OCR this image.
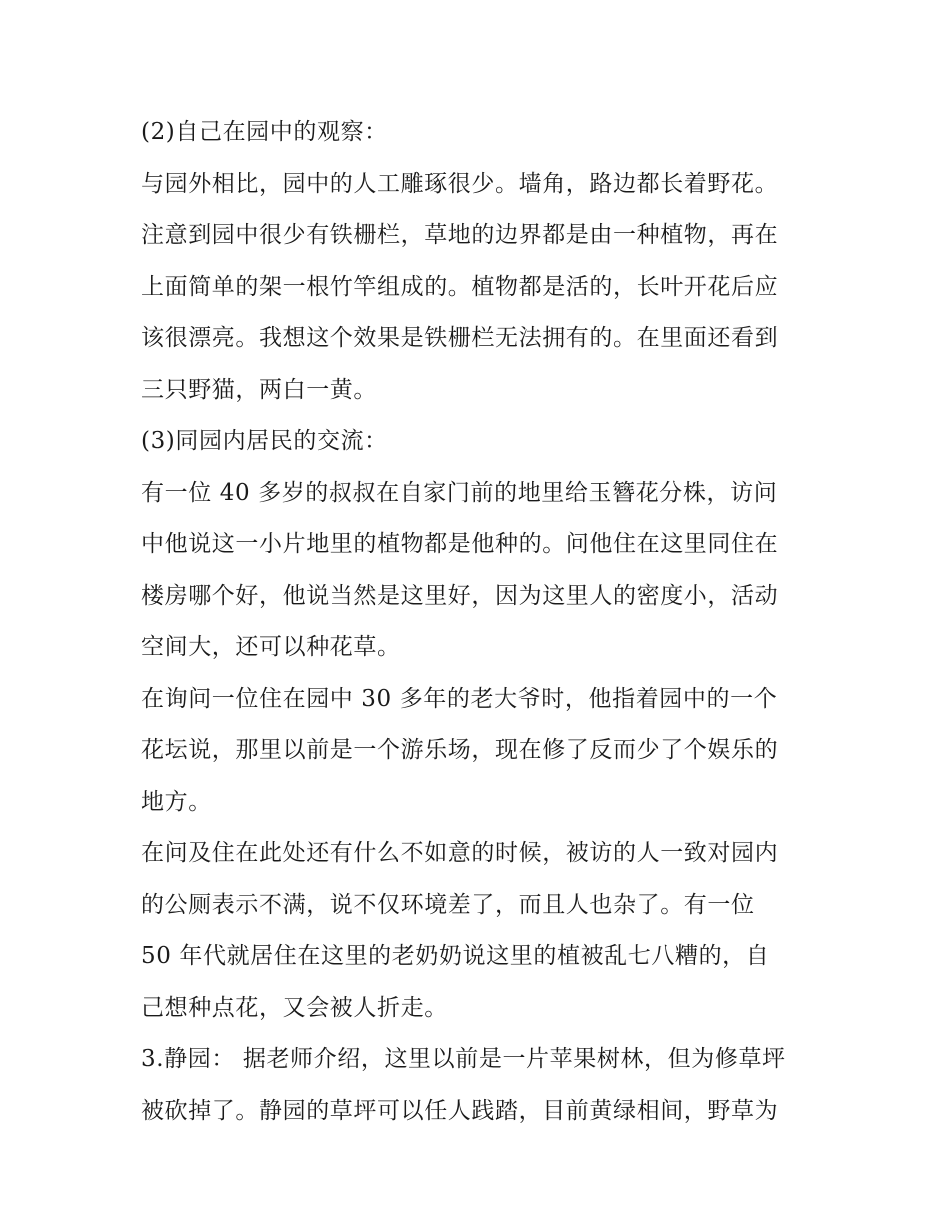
(2)自己在园中的观察：
与园外相比，园中的人工雕琢很少。墙角，路边都长着野花。
注意到园中很少有铁栅栏，草地的边界都是由一种植物，再在
上面简单的架一根竹竿组成的。植物都是活的，长叶开花后应
该很漂亮。我想这个效果是铁栅栏无法拥有的。在里面还看到
三只野猫，两白一黄。
(3)同园内居民的交流：
有一位 40 多岁的叔叔在自家门前的地里给玉簪花分株，访问
中他说这一小片地里的植物都是他种的。问他住在这里同住在
楼房哪个好，他说当然是这里好，因为这里人的密度小，活动
空间大，还可以种花草。
在询问一位住在园中 30 多年的老大爷时，他指着园中的一个
花坛说，那里以前是一个游乐场，现在修了反而少了个娱乐的
地方。
在问及住在此处还有什么不如意的时候，被访的人一致对园内
的公厕表示不满，说不仅环境差了，而且人也杂了。有一位
50 年代就居住在这里的老奶奶说这里的植被乱七八糟的，自
己想种点花，又会被人折走。
3.静园： 据老师介绍，这里以前是一片苹果树林，但为修草坪
被砍掉了。静园的草坪可以任人践踏，目前黄绿相间，野草为
